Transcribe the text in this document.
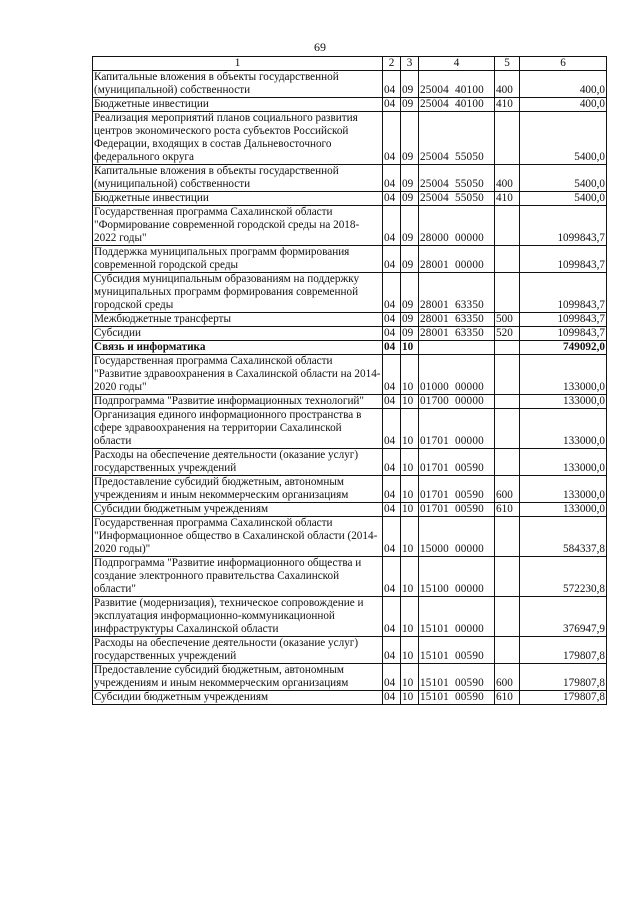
69
1	2	3	4	5	6
Капитальные вложения в объекты государственной (муниципальной) собственности	04	09	25004  40100	400	400,0
Бюджетные инвестиции	04	09	25004  40100	410	400,0
Реализация мероприятий планов социального развития центров экономического роста субъектов Российской Федерации, входящих в состав Дальневосточного федерального округа	04	09	25004  55050		5400,0
Капитальные вложения в объекты государственной (муниципальной) собственности	04	09	25004  55050	400	5400,0
Бюджетные инвестиции	04	09	25004  55050	410	5400,0
Государственная программа Сахалинской области "Формирование современной городской среды на 2018-2022 годы"	04	09	28000  00000		1099843,7
Поддержка муниципальных программ формирования современной городской среды	04	09	28001  00000		1099843,7
Субсидия муниципальным образованиям на поддержку муниципальных программ формирования современной городской среды	04	09	28001  63350		1099843,7
Межбюджетные трансферты	04	09	28001  63350	500	1099843,7
Субсидии	04	09	28001  63350	520	1099843,7
Связь и информатика	04	10			749092,0
Государственная программа Сахалинской области "Развитие здравоохранения в Сахалинской области на 2014-2020 годы"	04	10	01000  00000		133000,0
Подпрограмма "Развитие информационных технологий"	04	10	01700  00000		133000,0
Организация единого информационного пространства в сфере здравоохранения на территории Сахалинской области	04	10	01701  00000		133000,0
Расходы на обеспечение деятельности (оказание услуг) государственных учреждений	04	10	01701  00590		133000,0
Предоставление субсидий бюджетным, автономным учреждениям и иным некоммерческим организациям	04	10	01701  00590	600	133000,0
Субсидии бюджетным учреждениям	04	10	01701  00590	610	133000,0
Государственная программа Сахалинской области "Информационное общество в Сахалинской области (2014-2020 годы)"	04	10	15000  00000		584337,8
Подпрограмма "Развитие информационного общества и создание электронного правительства Сахалинской области"	04	10	15100  00000		572230,8
Развитие (модернизация), техническое сопровождение и эксплуатация информационно-коммуникационной инфраструктуры Сахалинской области	04	10	15101  00000		376947,9
Расходы на обеспечение деятельности (оказание услуг) государственных учреждений	04	10	15101  00590		179807,8
Предоставление субсидий бюджетным, автономным учреждениям и иным некоммерческим организациям	04	10	15101  00590	600	179807,8
Субсидии бюджетным учреждениям	04	10	15101  00590	610	179807,8
